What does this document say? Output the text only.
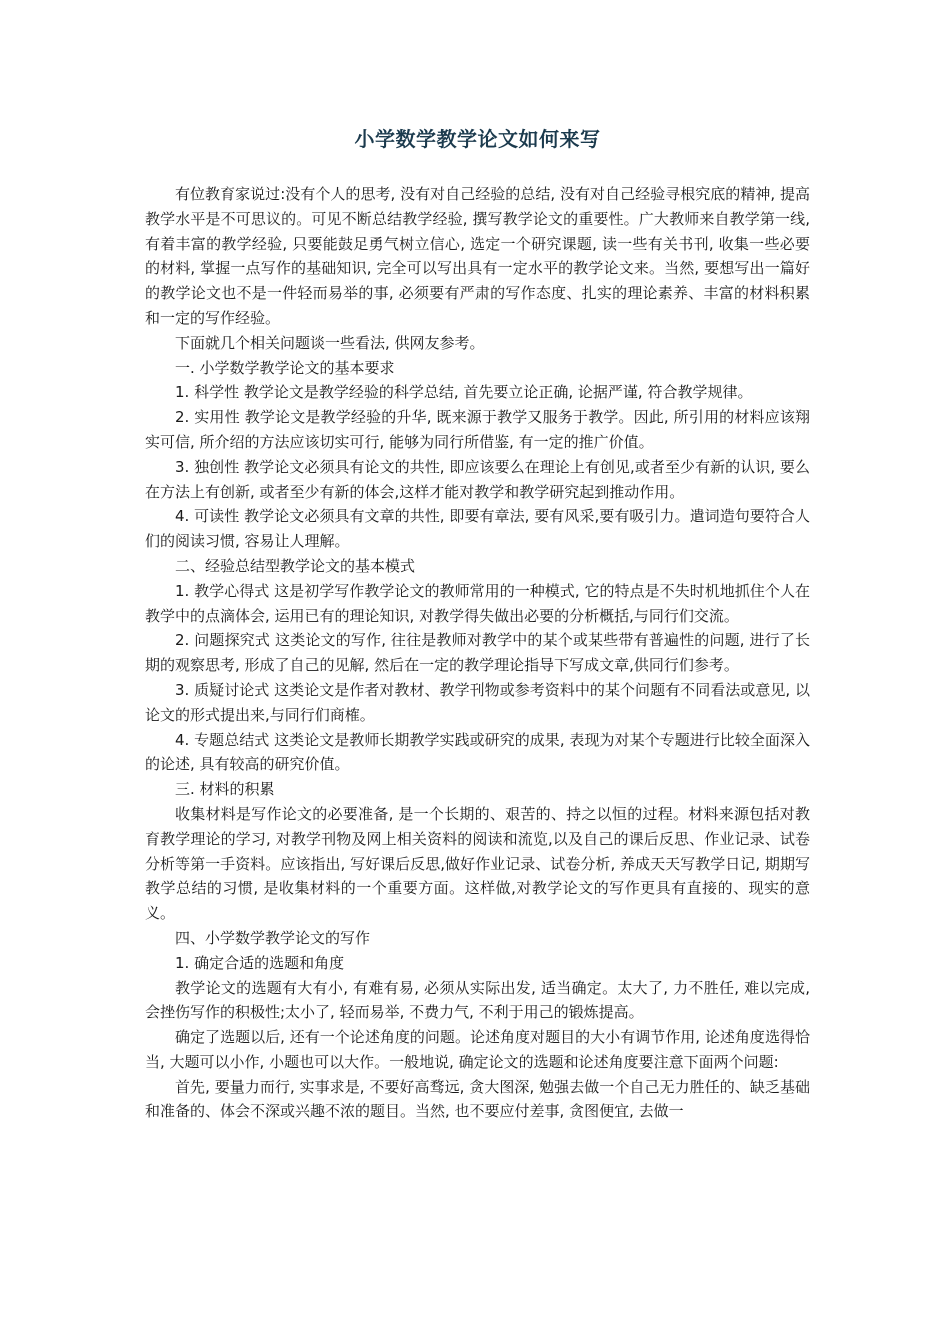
小学数学教学论文如何来写

有位教育家说过:没有个人的思考, 没有对自己经验的总结, 没有对自己经验寻根究底的精神, 提高教学水平是不可思议的。可见不断总结教学经验, 撰写教学论文的重要性。广大教师来自教学第一线, 有着丰富的教学经验, 只要能鼓足勇气树立信心, 选定一个研究课题, 读一些有关书刊, 收集一些必要的材料, 掌握一点写作的基础知识, 完全可以写出具有一定水平的教学论文来。当然, 要想写出一篇好的教学论文也不是一件轻而易举的事, 必须要有严肃的写作态度、扎实的理论素养、丰富的材料积累和一定的写作经验。

下面就几个相关问题谈一些看法, 供网友参考。

一. 小学数学教学论文的基本要求

1. 科学性 教学论文是教学经验的科学总结, 首先要立论正确, 论据严谨, 符合教学规律。

2. 实用性 教学论文是教学经验的升华, 既来源于教学又服务于教学。因此, 所引用的材料应该翔实可信, 所介绍的方法应该切实可行, 能够为同行所借鉴, 有一定的推广价值。

3. 独创性 教学论文必须具有论文的共性, 即应该要么在理论上有创见,或者至少有新的认识, 要么在方法上有创新, 或者至少有新的体会,这样才能对教学和教学研究起到推动作用。

4. 可读性 教学论文必须具有文章的共性, 即要有章法, 要有风采,要有吸引力。遣词造句要符合人们的阅读习惯, 容易让人理解。

二、经验总结型教学论文的基本模式

1. 教学心得式 这是初学写作教学论文的教师常用的一种模式, 它的特点是不失时机地抓住个人在教学中的点滴体会, 运用已有的理论知识, 对教学得失做出必要的分析概括,与同行们交流。

2. 问题探究式 这类论文的写作, 往往是教师对教学中的某个或某些带有普遍性的问题, 进行了长期的观察思考, 形成了自己的见解, 然后在一定的教学理论指导下写成文章,供同行们参考。

3. 质疑讨论式 这类论文是作者对教材、教学刊物或参考资料中的某个问题有不同看法或意见, 以论文的形式提出来,与同行们商榷。

4. 专题总结式 这类论文是教师长期教学实践或研究的成果, 表现为对某个专题进行比较全面深入的论述, 具有较高的研究价值。

三. 材料的积累

收集材料是写作论文的必要准备, 是一个长期的、艰苦的、持之以恒的过程。材料来源包括对教育教学理论的学习, 对教学刊物及网上相关资料的阅读和流览,以及自己的课后反思、作业记录、试卷分析等第一手资料。应该指出, 写好课后反思,做好作业记录、试卷分析, 养成天天写教学日记, 期期写教学总结的习惯, 是收集材料的一个重要方面。这样做,对教学论文的写作更具有直接的、现实的意义。

四、小学数学教学论文的写作

1. 确定合适的选题和角度

教学论文的选题有大有小, 有难有易, 必须从实际出发, 适当确定。太大了, 力不胜任, 难以完成, 会挫伤写作的积极性;太小了, 轻而易举, 不费力气, 不利于用己的锻炼提高。

确定了选题以后, 还有一个论述角度的问题。论述角度对题目的大小有调节作用, 论述角度选得恰当, 大题可以小作, 小题也可以大作。一般地说, 确定论文的选题和论述角度要注意下面两个问题:

首先, 要量力而行, 实事求是, 不要好高骛远, 贪大图深, 勉强去做一个自己无力胜任的、缺乏基础和准备的、体会不深或兴趣不浓的题目。当然, 也不要应付差事, 贪图便宜, 去做一
